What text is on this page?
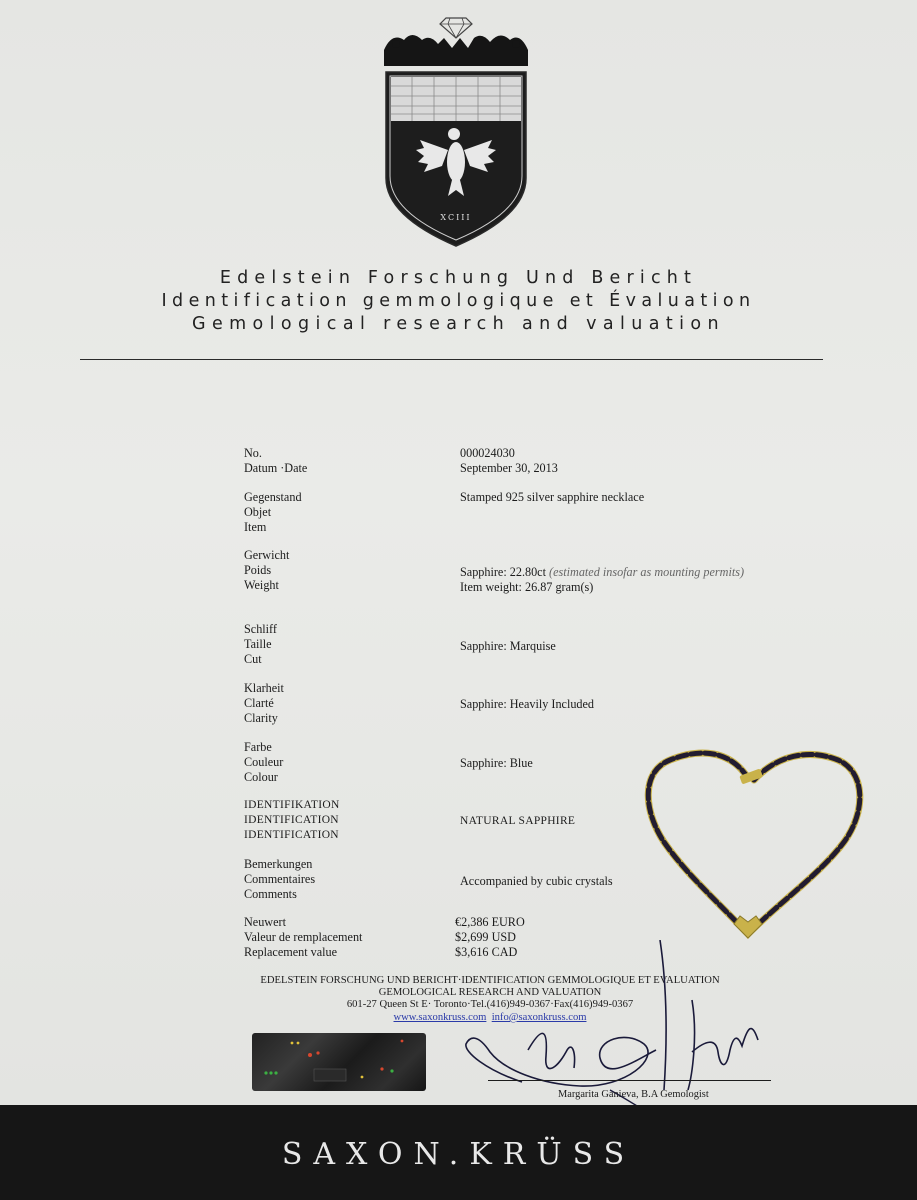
XCIII
Edelstein Forschung Und Bericht
Identification gemmologique et Évaluation
Gemological research and valuation
No.
Datum ·Date
000024030
September 30, 2013
Gegenstand
Objet
Item
Stamped 925 silver sapphire necklace
Gerwicht
Poids
Weight
Sapphire: 22.80ct (estimated insofar as mounting permits)
Item weight: 26.87 gram(s)
Schliff
Taille
Cut
Sapphire: Marquise
Klarheit
Clarté
Clarity
Sapphire: Heavily Included
Farbe
Couleur
Colour
Sapphire: Blue
IDENTIFIKATION
IDENTIFICATION
IDENTIFICATION
NATURAL SAPPHIRE
Bemerkungen
Commentaires
Comments
Accompanied by cubic crystals
Neuwert
Valeur de remplacement
Replacement value
€2,386 EURO
$2,699 USD
$3,616 CAD
EDELSTEIN FORSCHUNG UND BERICHT·IDENTIFICATION GEMMOLOGIQUE ET EVALUATION
GEMOLOGICAL RESEARCH AND VALUATION
601-27 Queen St E· Toronto·Tel.(416)949-0367·Fax(416)949-0367
www.saxonkruss.com info@saxonkruss.com
Margarita Ganieva, B.A Gemologist
SAXON.KRÜSS
